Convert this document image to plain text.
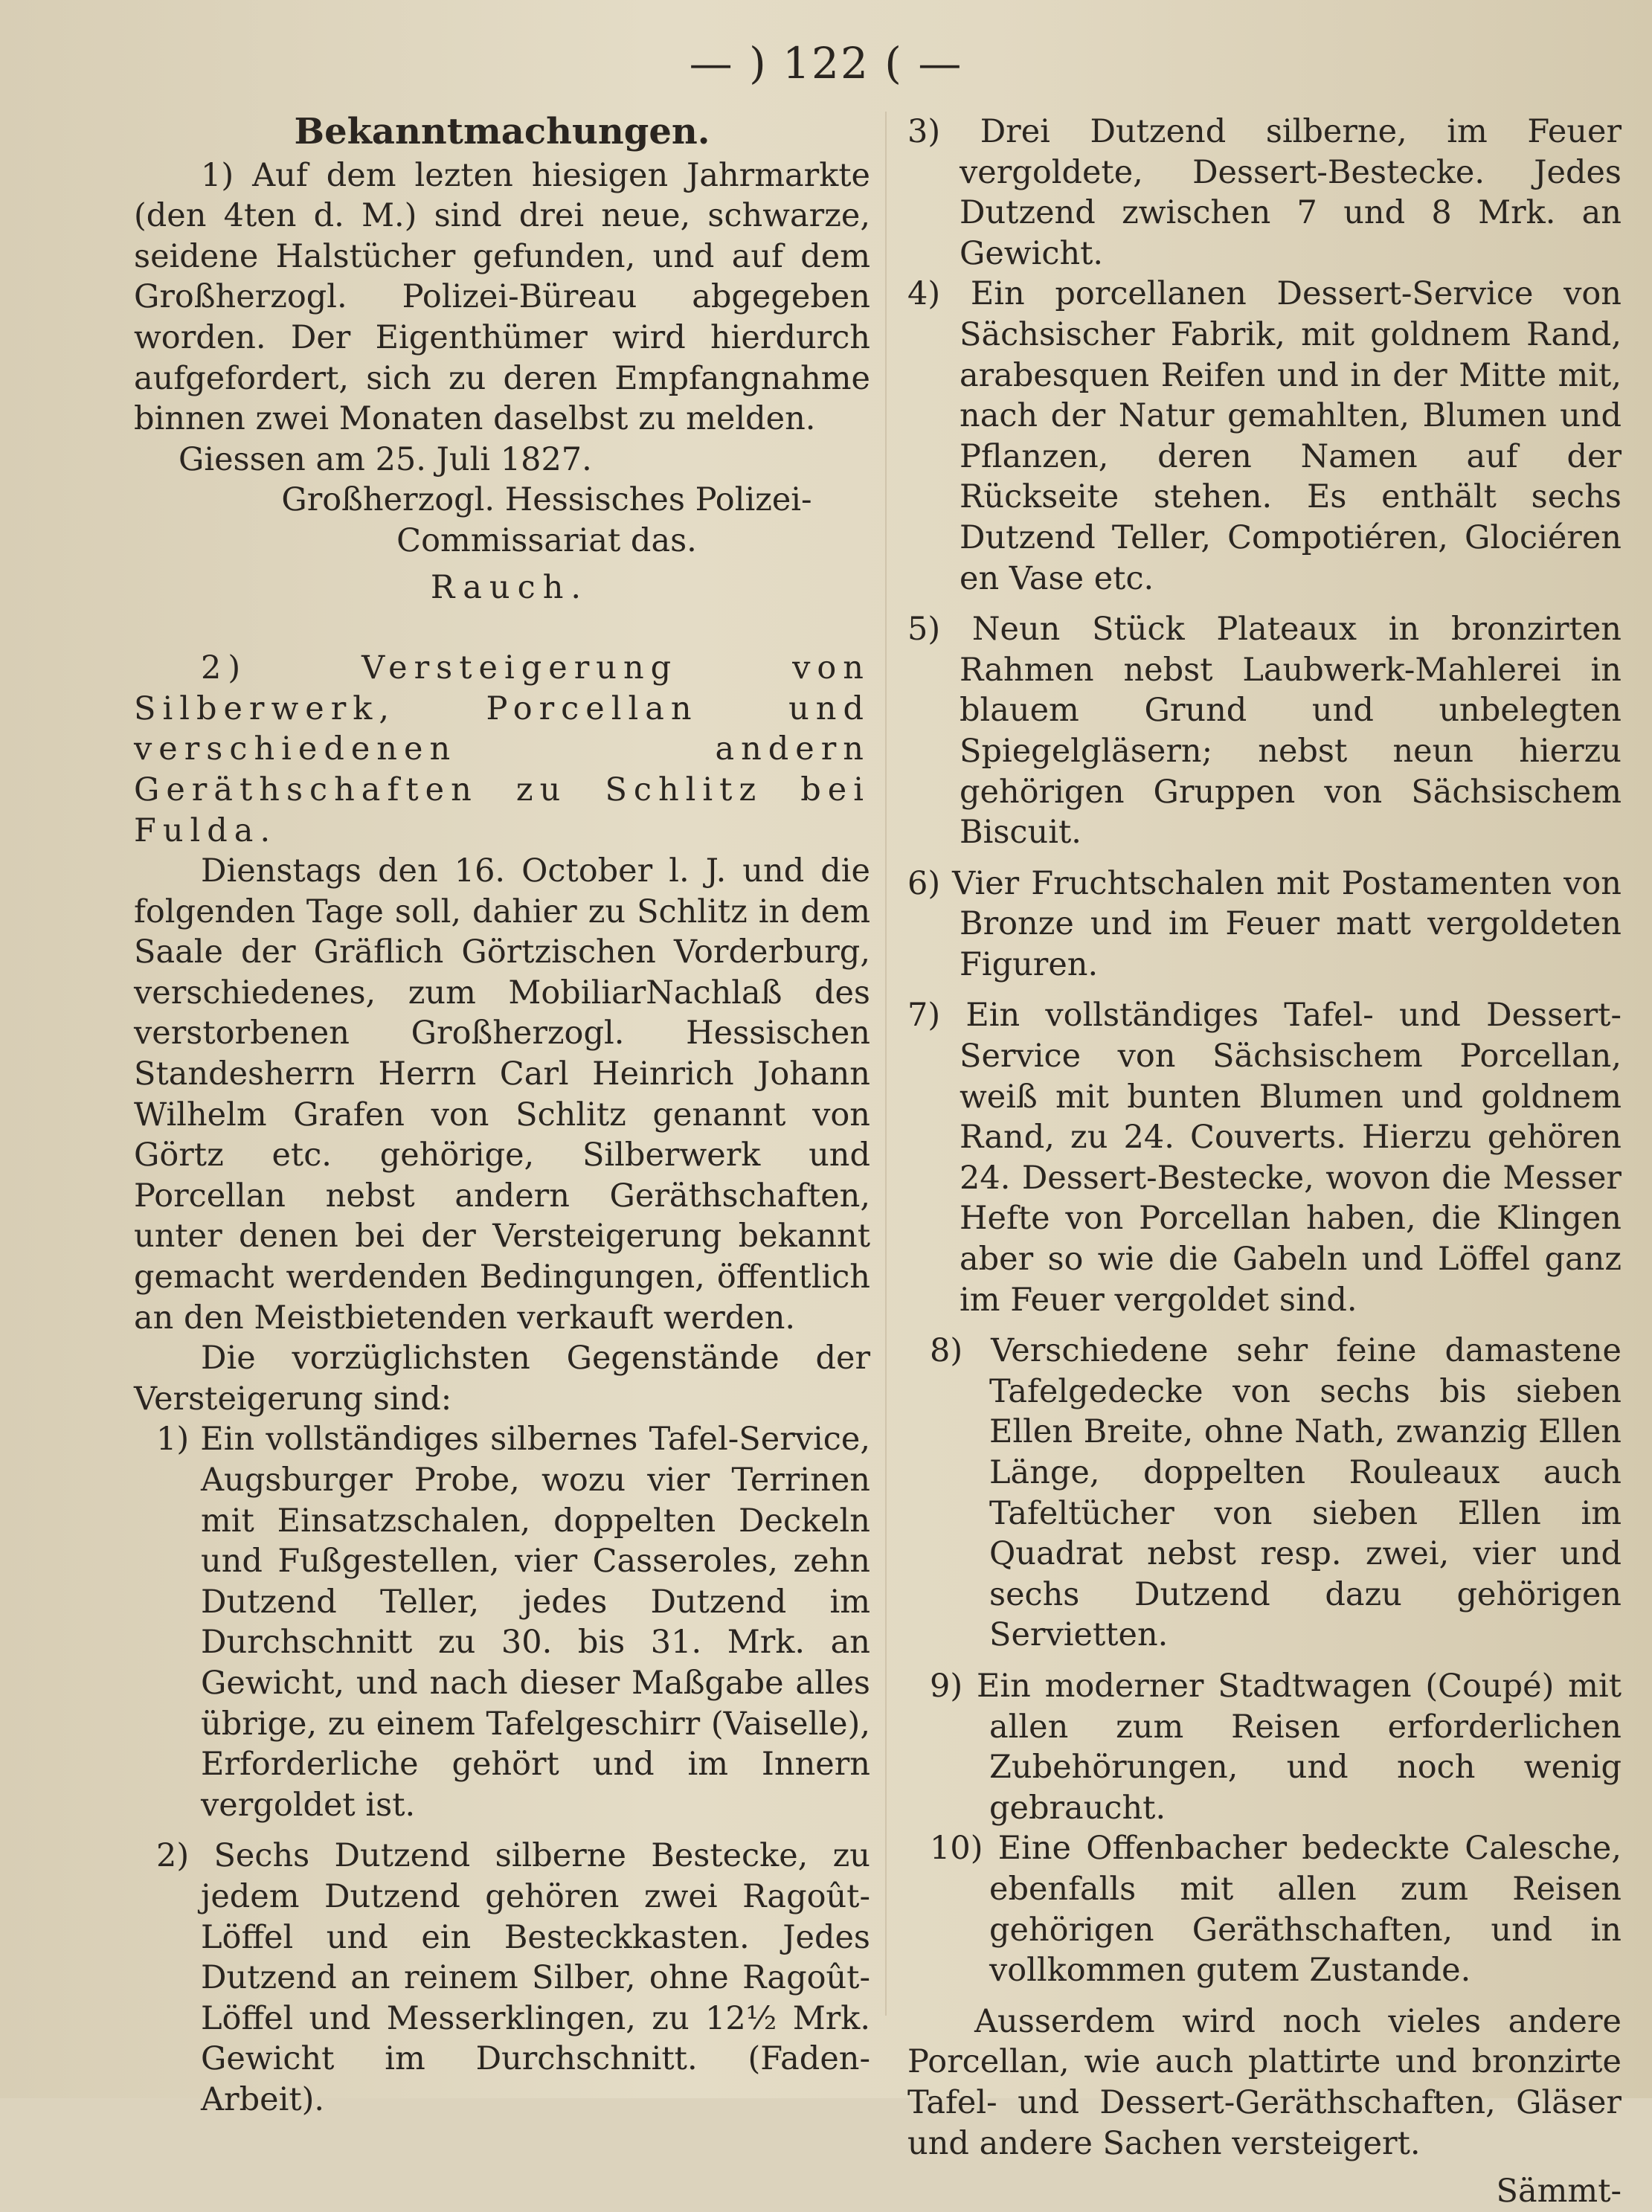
— ) 122 ( —

Bekanntmachungen.

1) Auf dem lezten hiesigen Jahrmarkte (den 4ten d. M.) sind drei neue, schwarze, seidene Halstücher gefunden, und auf dem Großherzogl. Polizei-Büreau abgegeben worden. Der Eigenthümer wird hierdurch aufgefordert, sich zu deren Empfangnahme binnen zwei Monaten daselbst zu melden.

Giessen am 25. Juli 1827.

Großherzogl. Hessisches Polizei-Commissariat das.

Rauch.

2) Versteigerung von Silberwerk, Porcellan und verschiedenen andern Geräthschaften zu Schlitz bei Fulda.

Dienstags den 16. October l. J. und die folgenden Tage soll, dahier zu Schlitz in dem Saale der Gräflich Görtzischen Vorderburg, verschiedenes, zum MobiliarNachlaß des verstorbenen Großherzogl. Hessischen Standesherrn Herrn Carl Heinrich Johann Wilhelm Grafen von Schlitz genannt von Görtz etc. gehörige, Silberwerk und Porcellan nebst andern Geräthschaften, unter denen bei der Versteigerung bekannt gemacht werdenden Bedingungen, öffentlich an den Meistbietenden verkauft werden.

Die vorzüglichsten Gegenstände der Versteigerung sind:

1) Ein vollständiges silbernes Tafel-Service, Augsburger Probe, wozu vier Terrinen mit Einsatzschalen, doppelten Deckeln und Fußgestellen, vier Casseroles, zehn Dutzend Teller, jedes Dutzend im Durchschnitt zu 30. bis 31. Mrk. an Gewicht, und nach dieser Maßgabe alles übrige, zu einem Tafelgeschirr (Vaiselle), Erforderliche gehört und im Innern vergoldet ist.

2) Sechs Dutzend silberne Bestecke, zu jedem Dutzend gehören zwei Ragoût-Löffel und ein Besteckkasten. Jedes Dutzend an reinem Silber, ohne Ragoût-Löffel und Messerklingen, zu 12½ Mrk. Gewicht im Durchschnitt. (Faden-Arbeit).

3) Drei Dutzend silberne, im Feuer vergoldete, Dessert-Bestecke. Jedes Dutzend zwischen 7 und 8 Mrk. an Gewicht.

4) Ein porcellanen Dessert-Service von Sächsischer Fabrik, mit goldnem Rand, arabesquen Reifen und in der Mitte mit, nach der Natur gemahlten, Blumen und Pflanzen, deren Namen auf der Rückseite stehen. Es enthält sechs Dutzend Teller, Compotiéren, Glociéren en Vase etc.

5) Neun Stück Plateaux in bronzirten Rahmen nebst Laubwerk-Mahlerei in blauem Grund und unbelegten Spiegelgläsern; nebst neun hierzu gehörigen Gruppen von Sächsischem Biscuit.

6) Vier Fruchtschalen mit Postamenten von Bronze und im Feuer matt vergoldeten Figuren.

7) Ein vollständiges Tafel- und Dessert-Service von Sächsischem Porcellan, weiß mit bunten Blumen und goldnem Rand, zu 24. Couverts. Hierzu gehören 24. Dessert-Bestecke, wovon die Messer Hefte von Porcellan haben, die Klingen aber so wie die Gabeln und Löffel ganz im Feuer vergoldet sind.

8) Verschiedene sehr feine damastene Tafelgedecke von sechs bis sieben Ellen Breite, ohne Nath, zwanzig Ellen Länge, doppelten Rouleaux auch Tafeltücher von sieben Ellen im Quadrat nebst resp. zwei, vier und sechs Dutzend dazu gehörigen Servietten.

9) Ein moderner Stadtwagen (Coupé) mit allen zum Reisen erforderlichen Zubehörungen, und noch wenig gebraucht.

10) Eine Offenbacher bedeckte Calesche, ebenfalls mit allen zum Reisen gehörigen Geräthschaften, und in vollkommen gutem Zustande.

Ausserdem wird noch vieles andere Porcellan, wie auch plattirte und bronzirte Tafel- und Dessert-Geräthschaften, Gläser und andere Sachen versteigert.

Sämmt-
